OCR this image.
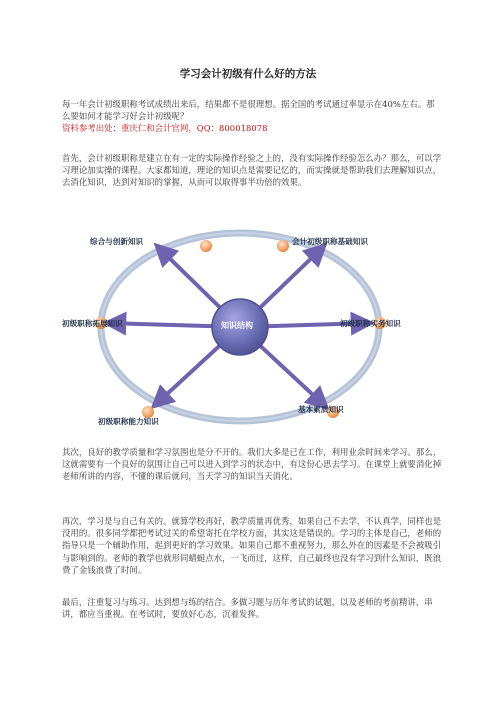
学习会计初级有什么好的方法
每一年会计初级职称考试成绩出来后，结果都不是很理想。据全国的考试通过率显示在40%左右。那么要如何才能学习好会计初级呢？
资料参考出处：重庆仁和会计官网，QQ：800018078
首先，会计初级职称是建立在有一定的实际操作经验之上的，没有实际操作经验怎么办？那么，可以学习理论加实操的课程。大家都知道，理论的知识点是需要记忆的，而实操就是帮助我们去理解知识点，去消化知识，达到对知识的掌握，从而可以取得事半功倍的效果。
知识结构
综合与创新知识	会计初级职称基础知识
初级职称拓展知识	初级职称实务知识
初级职称能力知识
基本素质知识
其次，良好的教学质量和学习氛围也是分不开的。我们大多是已在工作，利用业余时间来学习。那么，这就需要有一个良好的氛围让自己可以进入到学习的状态中，有这份心思去学习。在课堂上就要消化掉老师所讲的内容，不懂的课后就问，当天学习的知识当天消化。
再次，学习是与自己有关的。就算学校再好，教学质量再优秀，如果自己不去学，不认真学，同样也是没用的。很多同学都把考试过关的希望寄托在学校方面，其实这是错误的。学习的主体是自己，老师的指导只是一个辅助作用，起到更好的学习效果。如果自己都不重视努力，那么外在的因素是不会被吸引与影响到的。老师的教学也就形同蜻蜓点水，一飞而过，这样，自己最终也没有学习到什么知识，既浪费了金钱浪费了时间。
最后，注重复习与练习。达到想与练的结合。多做习题与历年考试的试题，以及老师的考前精讲，串讲，都应当重视。在考试时，要放好心态，沉着发挥。
